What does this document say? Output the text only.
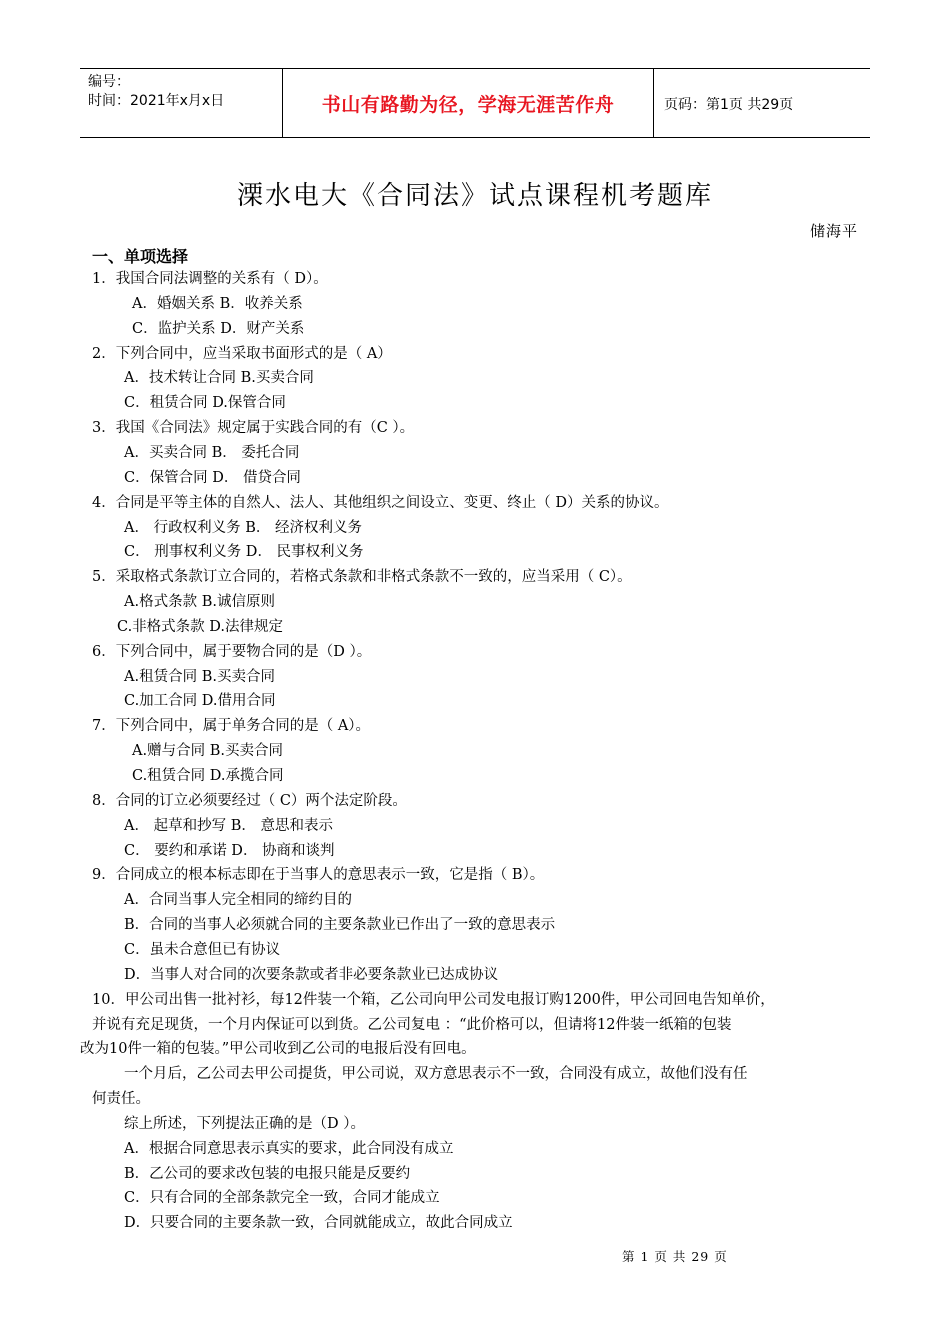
编号：
时间：2021年x月x日	书山有路勤为径，学海无涯苦作舟	页码：第1页 共29页
溧水电大《合同法》试点课程机考题库
储海平
一、单项选择
1．我国合同法调整的关系有（ D）。
A．婚姻关系 B．收养关系
C．监护关系 D．财产关系
2．下列合同中，应当采取书面形式的是（ A）
A．技术转让合同 B.买卖合同
C．租赁合同 D.保管合同
3．我国《合同法》规定属于实践合同的有（C ）。
A．买卖合同 B． 委托合同
C．保管合同 D． 借贷合同
4．合同是平等主体的自然人、法人、其他组织之间设立、变更、终止（ D）关系的协议。
A． 行政权利义务 B． 经济权利义务
C． 刑事权利义务 D． 民事权利义务
5．采取格式条款订立合同的，若格式条款和非格式条款不一致的，应当采用（ C）。
A.格式条款 B.诚信原则
C.非格式条款 D.法律规定
6．下列合同中，属于要物合同的是（D ）。
A.租赁合同 B.买卖合同
C.加工合同 D.借用合同
7．下列合同中，属于单务合同的是（ A）。
A.赠与合同 B.买卖合同
C.租赁合同 D.承揽合同
8．合同的订立必须要经过（ C）两个法定阶段。
A． 起草和抄写 B． 意思和表示
C． 要约和承诺 D． 协商和谈判
9．合同成立的根本标志即在于当事人的意思表示一致，它是指（ B）。
A．合同当事人完全相同的缔约目的
B．合同的当事人必须就合同的主要条款业已作出了一致的意思表示
C．虽未合意但已有协议
D．当事人对合同的次要条款或者非必要条款业已达成协议
10．甲公司出售一批衬衫，每12件装一个箱，乙公司向甲公司发电报订购1200件，甲公司回电告知单价，
并说有充足现货，一个月内保证可以到货。乙公司复电 ：“此价格可以，但请将12件装一纸箱的包装
改为10件一箱的包装。”甲公司收到乙公司的电报后没有回电。
一个月后，乙公司去甲公司提货，甲公司说，双方意思表示不一致，合同没有成立，故他们没有任
何责任。
综上所述，下列提法正确的是（D ）。
A．根据合同意思表示真实的要求，此合同没有成立
B．乙公司的要求改包装的电报只能是反要约
C．只有合同的全部条款完全一致，合同才能成立
D．只要合同的主要条款一致，合同就能成立，故此合同成立
第 1 页 共 29 页
